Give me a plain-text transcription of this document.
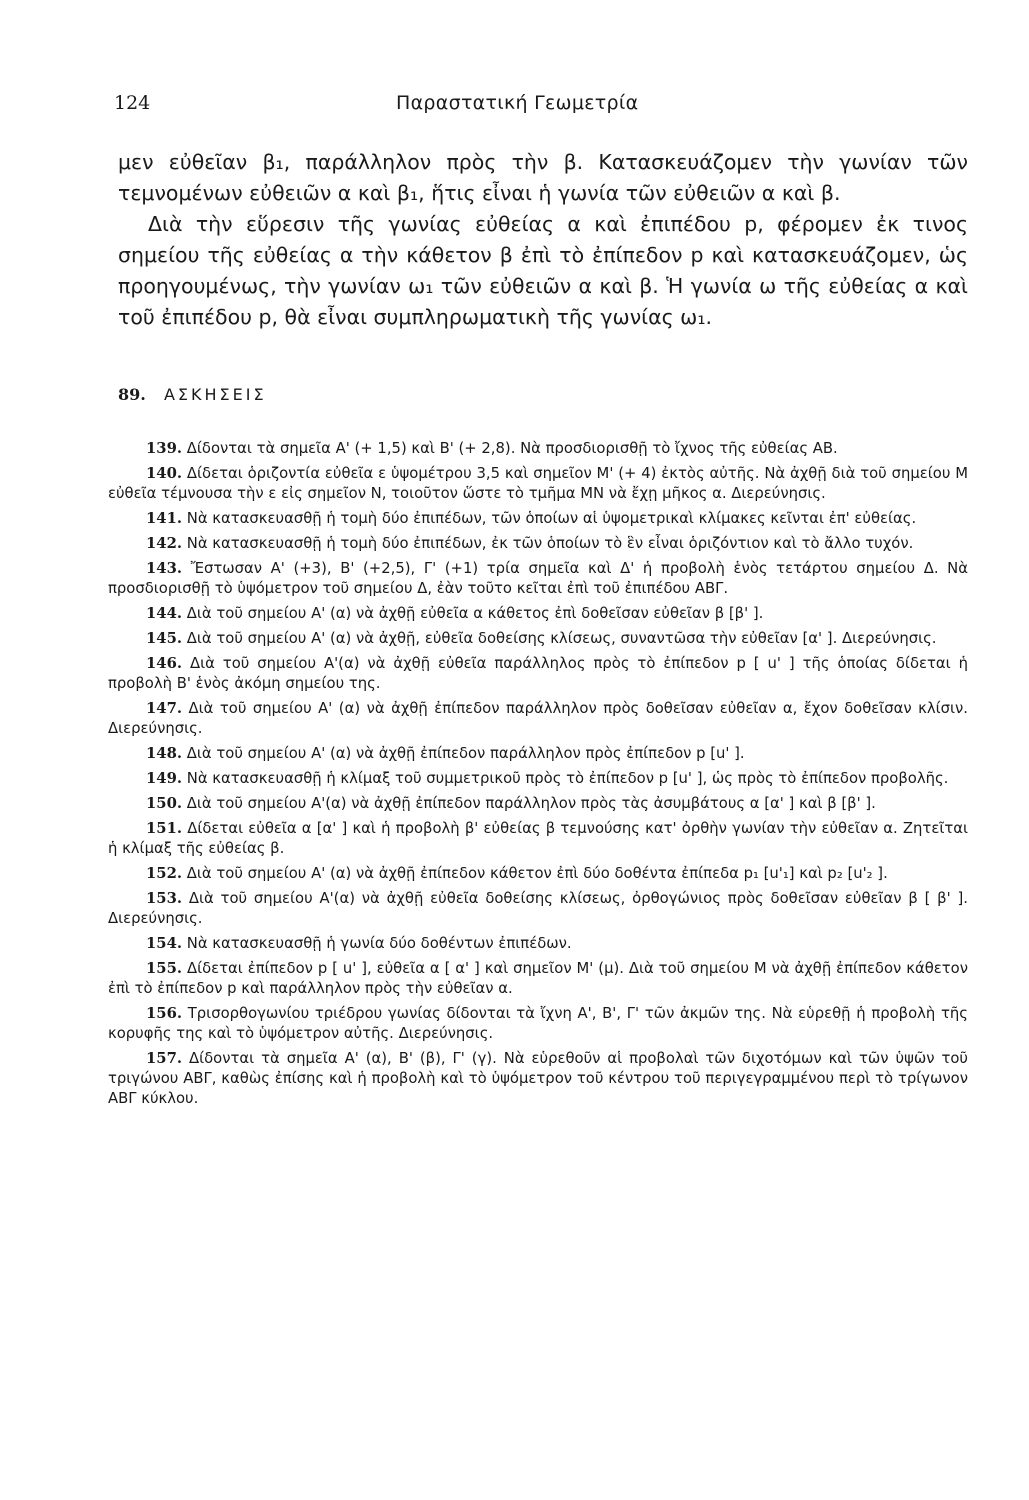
124	Παραστατική Γεωμετρία

μεν εὐθεῖαν β₁, παράλληλον πρὸς τὴν β. Κατασκευάζομεν τὴν γωνίαν τῶν τεμνομένων εὐθειῶν α καὶ β₁, ἥτις εἶναι ἡ γωνία τῶν εὐθειῶν α καὶ β.

Διὰ τὴν εὕρεσιν τῆς γωνίας εὐθείας α καὶ ἐπιπέδου p, φέρομεν ἐκ τινος σημείου τῆς εὐθείας α τὴν κάθετον β ἐπὶ τὸ ἐπίπεδον p καὶ κατασκευάζομεν, ὡς προηγουμένως, τὴν γωνίαν ω₁ τῶν εὐθειῶν α καὶ β. Ἡ γωνία ω τῆς εὐθείας α καὶ τοῦ ἐπιπέδου p, θὰ εἶναι συμπληρωματικὴ τῆς γωνίας ω₁.

89. ΑΣΚΗΣΕΙΣ

139. Δίδονται τὰ σημεῖα Α' (+ 1,5) καὶ Β' (+ 2,8). Νὰ προσδιορισθῇ τὸ ἴχνος τῆς εὐθείας ΑΒ.

140. Δίδεται ὁριζοντία εὐθεῖα ε ὑψομέτρου 3,5 καὶ σημεῖον Μ' (+ 4) ἐκτὸς αὐτῆς. Νὰ ἀχθῇ διὰ τοῦ σημείου Μ εὐθεῖα τέμνουσα τὴν ε εἰς σημεῖον Ν, τοιοῦτον ὥστε τὸ τμῆμα ΜΝ νὰ ἔχῃ μῆκος α. Διερεύνησις.

141. Νὰ κατασκευασθῇ ἡ τομὴ δύο ἐπιπέδων, τῶν ὁποίων αἱ ὑψομετρικαὶ κλίμακες κεῖνται ἐπ' εὐθείας.

142. Νὰ κατασκευασθῇ ἡ τομὴ δύο ἐπιπέδων, ἐκ τῶν ὁποίων τὸ ἓν εἶναι ὁριζόντιον καὶ τὸ ἄλλο τυχόν.

143. Ἔστωσαν Α' (+3), Β' (+2,5), Γ' (+1) τρία σημεῖα καὶ Δ' ἡ προβολὴ ἑνὸς τετάρτου σημείου Δ. Νὰ προσδιορισθῇ τὸ ὑψόμετρον τοῦ σημείου Δ, ἐὰν τοῦτο κεῖται ἐπὶ τοῦ ἐπιπέδου ΑΒΓ.

144. Διὰ τοῦ σημείου Α' (α) νὰ ἀχθῇ εὐθεῖα α κάθετος ἐπὶ δοθεῖσαν εὐθεῖαν β [β' ].

145. Διὰ τοῦ σημείου Α' (α) νὰ ἀχθῇ, εὐθεῖα δοθείσης κλίσεως, συναντῶσα τὴν εὐθεῖαν [α' ]. Διερεύνησις.

146. Διὰ τοῦ σημείου Α'(α) νὰ ἀχθῇ εὐθεῖα παράλληλος πρὸς τὸ ἐπίπεδον p [ u' ] τῆς ὁποίας δίδεται ἡ προβολὴ Β' ἑνὸς ἀκόμη σημείου της.

147. Διὰ τοῦ σημείου Α' (α) νὰ ἀχθῇ ἐπίπεδον παράλληλον πρὸς δοθεῖσαν εὐθεῖαν α, ἔχον δοθεῖσαν κλίσιν. Διερεύνησις.

148. Διὰ τοῦ σημείου Α' (α) νὰ ἀχθῇ ἐπίπεδον παράλληλον πρὸς ἐπίπεδον p [u' ].

149. Νὰ κατασκευασθῇ ἡ κλίμαξ τοῦ συμμετρικοῦ πρὸς τὸ ἐπίπεδον p [u' ], ὡς πρὸς τὸ ἐπίπεδον προβολῆς.

150. Διὰ τοῦ σημείου Α'(α) νὰ ἀχθῇ ἐπίπεδον παράλληλον πρὸς τὰς ἀσυμβάτους α [α' ] καὶ β [β' ].

151. Δίδεται εὐθεῖα α [α' ] καὶ ἡ προβολὴ β' εὐθείας β τεμνούσης κατ' ὀρθὴν γωνίαν τὴν εὐθεῖαν α. Ζητεῖται ἡ κλίμαξ τῆς εὐθείας β.

152. Διὰ τοῦ σημείου Α' (α) νὰ ἀχθῇ ἐπίπεδον κάθετον ἐπὶ δύο δοθέντα ἐπίπεδα p₁ [u'₁] καὶ p₂ [u'₂ ].

153. Διὰ τοῦ σημείου Α'(α) νὰ ἀχθῇ εὐθεῖα δοθείσης κλίσεως, ὀρθογώνιος πρὸς δοθεῖσαν εὐθεῖαν β [ β' ]. Διερεύνησις.

154. Νὰ κατασκευασθῇ ἡ γωνία δύο δοθέντων ἐπιπέδων.

155. Δίδεται ἐπίπεδον p [ u' ], εὐθεῖα α [ α' ] καὶ σημεῖον Μ' (μ). Διὰ τοῦ σημείου Μ νὰ ἀχθῇ ἐπίπεδον κάθετον ἐπὶ τὸ ἐπίπεδον p καὶ παράλληλον πρὸς τὴν εὐθεῖαν α.

156. Τρισορθογωνίου τριέδρου γωνίας δίδονται τὰ ἴχνη Α', Β', Γ' τῶν ἀκμῶν της. Νὰ εὑρεθῇ ἡ προβολὴ τῆς κορυφῆς της καὶ τὸ ὑψόμετρον αὐτῆς. Διερεύνησις.

157. Δίδονται τὰ σημεῖα Α' (α), Β' (β), Γ' (γ). Νὰ εὑρεθοῦν αἱ προβολαὶ τῶν διχοτόμων καὶ τῶν ὑψῶν τοῦ τριγώνου ΑΒΓ, καθὼς ἐπίσης καὶ ἡ προβολὴ καὶ τὸ ὑψόμετρον τοῦ κέντρου τοῦ περιγεγραμμένου περὶ τὸ τρίγωνον ΑΒΓ κύκλου.
